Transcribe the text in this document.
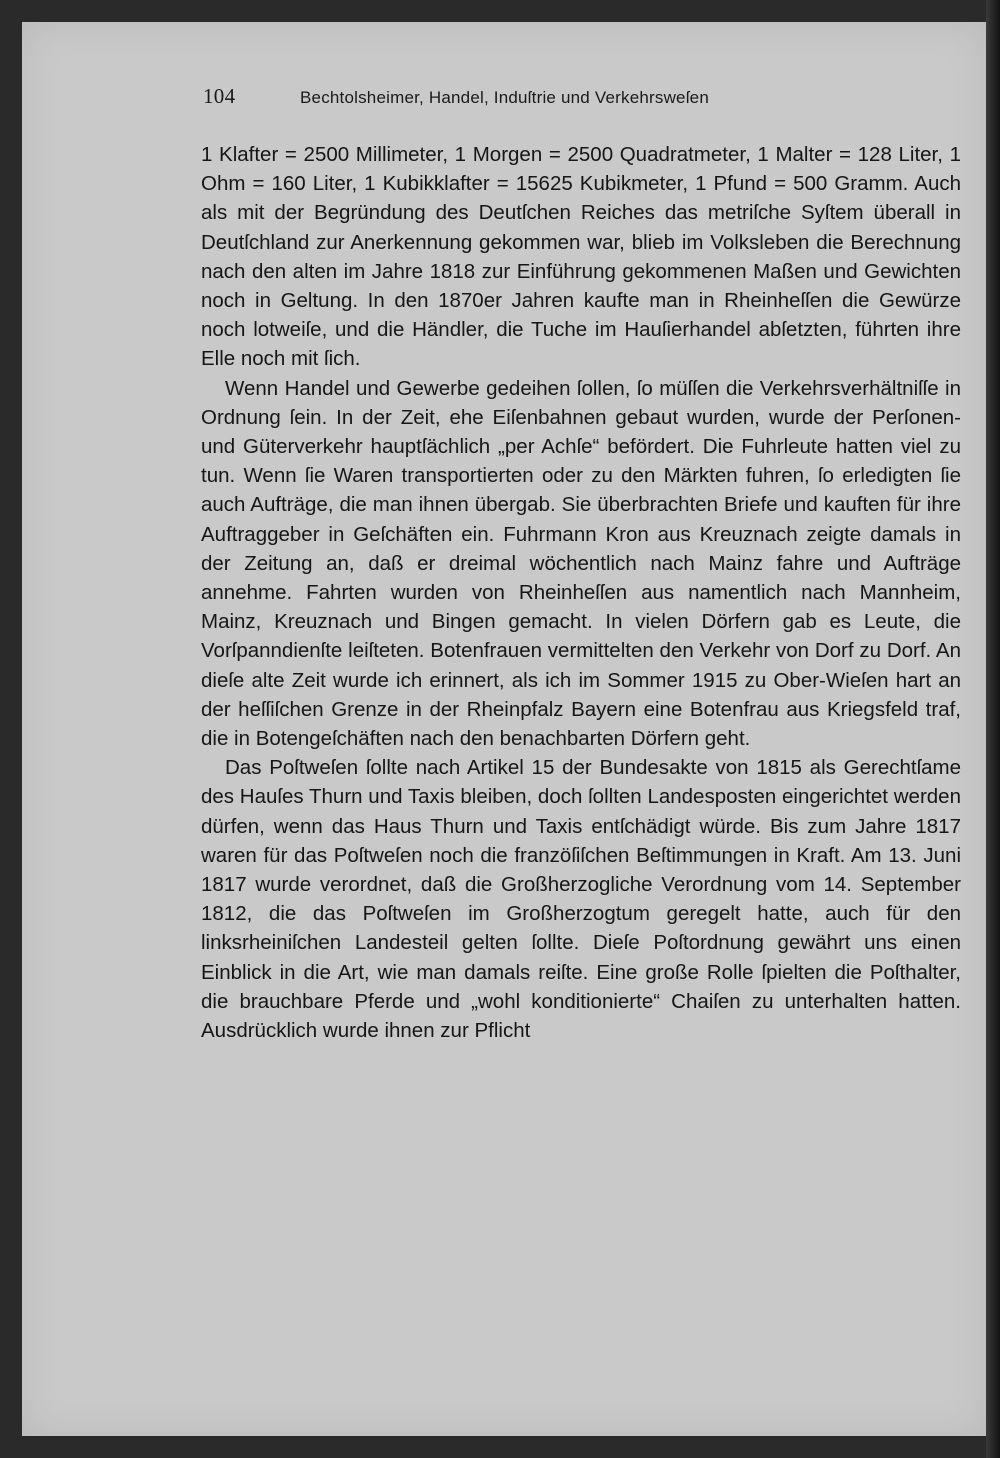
104	Bechtolsheimer, Handel, Induſtrie und Verkehrsweſen

1 Klafter = 2500 Millimeter, 1 Morgen = 2500 Quadratmeter, 1 Malter = 128 Liter, 1 Ohm = 160 Liter, 1 Kubikklafter = 15625 Kubikmeter, 1 Pfund = 500 Gramm. Auch als mit der Begründung des Deutſchen Reiches das metriſche Syſtem überall in Deutſchland zur Anerkennung gekommen war, blieb im Volksleben die Berechnung nach den alten im Jahre 1818 zur Einführung gekommenen Maßen und Gewichten noch in Geltung. In den 1870er Jahren kaufte man in Rheinheſſen die Gewürze noch lotweiſe, und die Händler, die Tuche im Hauſierhandel abſetzten, führten ihre Elle noch mit ſich.

Wenn Handel und Gewerbe gedeihen ſollen, ſo müſſen die Verkehrsverhältniſſe in Ordnung ſein. In der Zeit, ehe Eiſenbahnen gebaut wurden, wurde der Perſonen- und Güterverkehr hauptſächlich „per Achſe“ befördert. Die Fuhrleute hatten viel zu tun. Wenn ſie Waren transportierten oder zu den Märkten fuhren, ſo erledigten ſie auch Aufträge, die man ihnen übergab. Sie überbrachten Briefe und kauften für ihre Auftraggeber in Geſchäften ein. Fuhrmann Kron aus Kreuznach zeigte damals in der Zeitung an, daß er dreimal wöchentlich nach Mainz fahre und Aufträge annehme. Fahrten wurden von Rheinheſſen aus namentlich nach Mannheim, Mainz, Kreuznach und Bingen gemacht. In vielen Dörfern gab es Leute, die Vorſpanndienſte leiſteten. Botenfrauen vermittelten den Verkehr von Dorf zu Dorf. An dieſe alte Zeit wurde ich erinnert, als ich im Sommer 1915 zu Ober-Wieſen hart an der heſſiſchen Grenze in der Rheinpfalz Bayern eine Botenfrau aus Kriegsfeld traf, die in Botengeſchäften nach den benachbarten Dörfern geht.

Das Poſtweſen ſollte nach Artikel 15 der Bundesakte von 1815 als Gerechtſame des Hauſes Thurn und Taxis bleiben, doch ſollten Landesposten eingerichtet werden dürfen, wenn das Haus Thurn und Taxis entſchädigt würde. Bis zum Jahre 1817 waren für das Poſtweſen noch die franzöſiſchen Beſtimmungen in Kraft. Am 13. Juni 1817 wurde verordnet, daß die Großherzogliche Verordnung vom 14. September 1812, die das Poſtweſen im Großherzogtum geregelt hatte, auch für den linksrheiniſchen Landesteil gelten ſollte. Dieſe Poſtordnung gewährt uns einen Einblick in die Art, wie man damals reiſte. Eine große Rolle ſpielten die Poſthalter, die brauchbare Pferde und „wohl konditionierte“ Chaiſen zu unterhalten hatten. Ausdrücklich wurde ihnen zur Pflicht
